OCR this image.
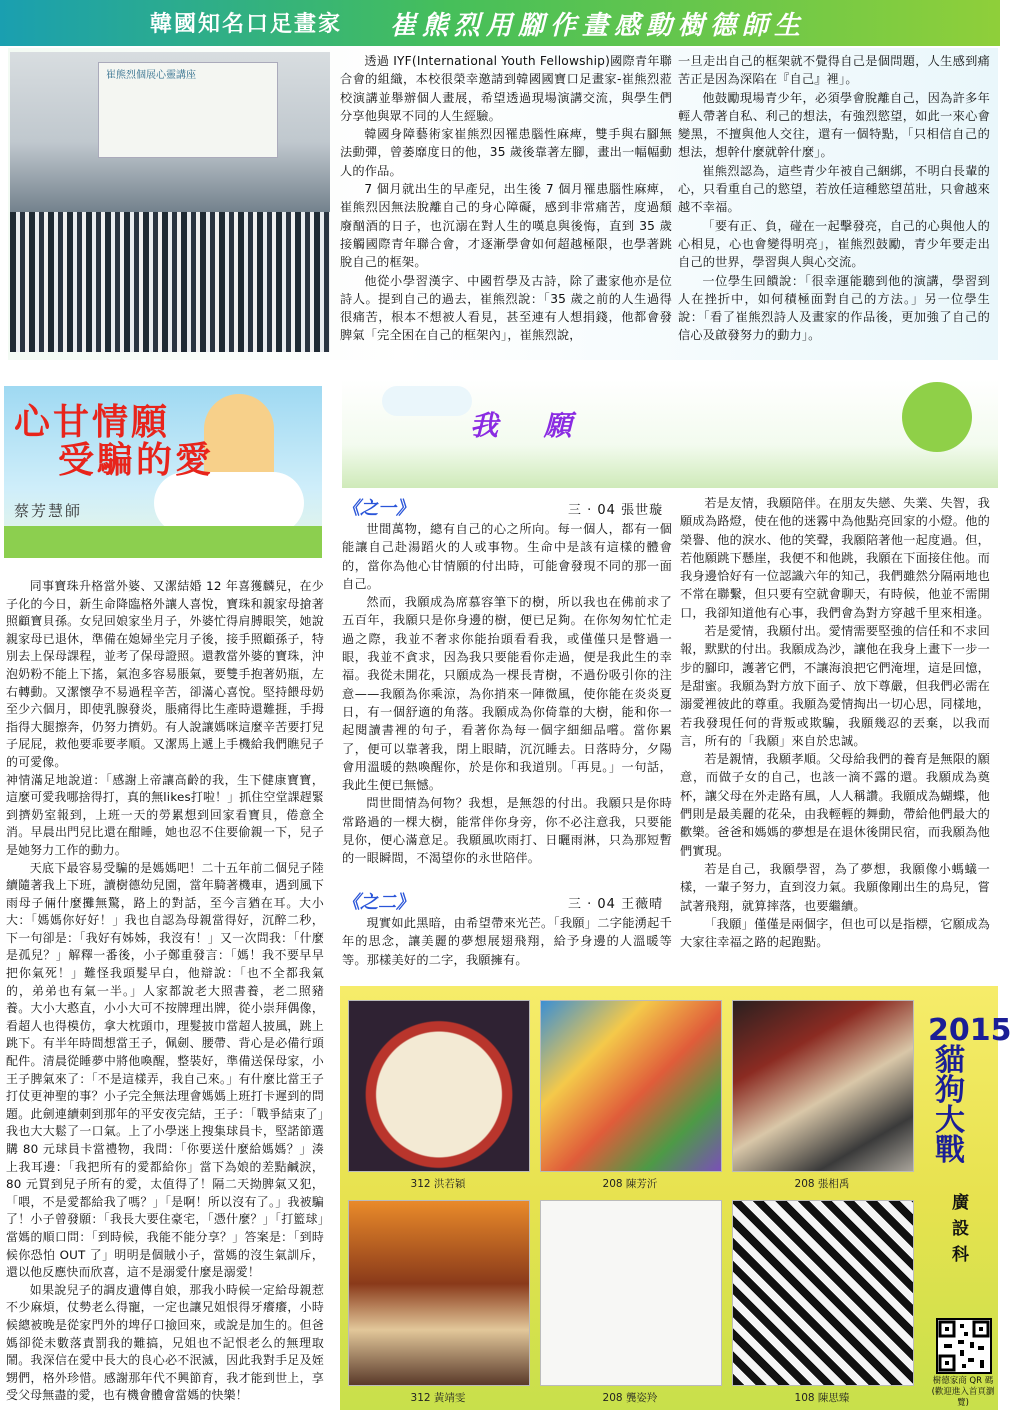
韓國知名口足畫家 崔熊烈用腳作畫感動樹德師生
崔熊烈個展心靈講座

透過 IYF(International Youth Fellowship)國際青年聯合會的組織，本校很榮幸邀請到韓國國寶口足畫家-崔熊烈蒞校演講並舉辦個人畫展，希望透過現場演講交流，與學生們分享他與眾不同的人生經驗。

韓國身障藝術家崔熊烈因罹患腦性麻痺，雙手與右腳無法動彈，曾萎靡度日的他，35 歲後靠著左腳，畫出一幅幅動人的作品。

7 個月就出生的早產兒，出生後 7 個月罹患腦性麻痺，崔熊烈因無法脫離自己的身心障礙，感到非常痛苦，度過頹廢酗酒的日子，也沉溺在對人生的嘆息與後悔，直到 35 歲接觸國際青年聯合會，才逐漸學會如何超越極限，也學著跳脫自己的框架。

他從小學習漢字、中國哲學及古詩，除了畫家他亦是位詩人。提到自己的過去，崔熊烈說：「35 歲之前的人生過得很痛苦，根本不想被人看見，甚至連有人想捐錢，他都會發脾氣「完全困在自己的框架內」，崔熊烈說，

一旦走出自己的框架就不覺得自己是個問題，人生感到痛苦正是因為深陷在『自己』裡」。

他鼓勵現場青少年，必須學會脫離自己，因為許多年輕人帶著自私、利己的想法，有強烈慾望，如此一來心會變黑，不擅與他人交往，還有一個特點，「只相信自己的想法，想幹什麼就幹什麼」。

崔熊烈認為，這些青少年被自己綑綁，不明白長輩的心，只看重自己的慾望，若放任這種慾望茁壯，只會越來越不幸福。

「要有正、負，碰在一起擊發亮，自己的心與他人的心相見，心也會變得明亮」，崔熊烈鼓勵，青少年要走出自己的世界，學習與人與心交流。

一位學生回饋說：「很幸運能聽到他的演講，學習到人在挫折中，如何積極面對自己的方法。」另一位學生說：「看了崔熊烈詩人及畫家的作品後，更加強了自己的信心及啟發努力的動力」。

心甘情願
受騙的愛
蔡芳慧師

同事寶珠升格當外婆、又潔結婚 12 年喜獲麟兒，在少子化的今日，新生命降臨格外讓人喜悅，寶珠和親家母搶著照顧寶貝孫。女兒回娘家坐月子，外婆忙得肩膊眼笑，她說親家母已退休，準備在媳婦坐完月子後，接手照顧孫子，特別去上保母課程，並考了保母證照。還教當外婆的寶珠，沖泡奶粉不能上下搖，氣泡多容易脹氣，要雙手抱著奶瓶，左右轉動。又潔懷孕不易過程辛苦，卻滿心喜悅。堅持餵母奶至少六個月，即使乳腺發炎，脹痛得比生產時還難捱，手拇指得大腿擦奔，仍努力擠奶。有人說讓媽咪這麼辛苦要打兒子屁屁，救他要乖要孝順。又潔馬上遞上手機給我們瞧兒子的可愛像。

神情滿足地說道：「感謝上帝讓高齡的我，生下健康寶寶，這麼可愛我哪捨得打，真的無likes打啦！」抓住空堂課趕緊到擠奶室報到，上班一天的勞累想到回家看寶貝，倦意全消。早晨出門兒比還在酣睡，她也忍不住要偷親一下，兒子是她努力工作的動力。

天底下最容易受騙的是媽媽吧！二十五年前二個兒子陸續隨著我上下班，讀樹德幼兒園，當年騎著機車，遇到風下雨母子倆什麼攤無驚，路上的對話，至今言猶在耳。大小大：「媽媽你好好！」我也自認為母親當得好，沉醉二秒，下一句卻是：「我好有姊姊，我沒有！」又一次問我：「什麼是孤兒？」解釋一番後，小子鄭重發言：「媽！我不要早早把你氣死！」難怪我頭髮早白，他辯說：「也不全都我氣的，弟弟也有氣一半。」人家都說老大照書養，老二照豬養。大小大憨直，小小大可不按牌理出牌，從小崇拜偶像，看超人也得模仿，拿大枕頭巾，理髮披巾當超人披風，跳上跳下。有半年時間想當王子，佩劍、腰帶、背心是必備行頭配件。清晨從睡夢中將他喚醒，整裝好，準備送保母家，小王子脾氣來了：「不是這樣弄，我自己來。」有什麼比當王子打仗更神聖的事？小子完全無法理會媽媽上班打卡遲到的問題。此劍連續刺到那年的平安夜完結，王子：「戰爭結束了」我也大大鬆了一口氣。上了小學迷上搜集球員卡，堅諾節選購 80 元球員卡當禮物，我問：「你要送什麼給媽媽？」湊上我耳邊：「我把所有的愛都給你」當下為娘的差點鹹淚，80 元買到兒子所有的愛，太值得了！隔二天拗脾氣又犯，「喂，不是愛都給我了嗎？」「是啊！所以沒有了。」我被騙了！小子曾發願：「我長大要住豪宅，「憑什麼？」「打籃球」當媽的順口問：「到時候，我能不能分享？」答案是：「到時候你恐怕 OUT 了」明明是個賊小子，當媽的沒生氣訓斥，還以他反應快而欣喜，這不是溺愛什麼是溺愛！

如果說兒子的調皮遺傳自娘，那我小時候一定給母親惹不少麻煩，仗勢老么得寵，一定也讓兄姐恨得牙癢癢，小時候總被晚是從家門外的埤仔口撿回來，或說是加生的。但爸媽卻從未數落責罰我的難搞，兄姐也不記恨老么的無理取鬧。我深信在愛中長大的良心必不泯滅，因此我對手足及姪甥們，格外珍惜。感謝那年代不興節育，我才能到世上，享受父母無盡的愛，也有機會體會當媽的快樂！

我 願
《之一》	三 · 04 張世璇

世間萬物，總有自己的心之所向。每一個人，都有一個能讓自己赴湯蹈火的人或事物。生命中是該有這樣的體會的，當你為他心甘情願的付出時，可能會發現不同的那一面自己。

然而，我願成為席慕容筆下的樹，所以我也在佛前求了五百年，我願只是你身邊的樹，便已足夠。在你匆匆忙忙走過之際，我並不奢求你能抬頭看看我，或僅僅只是瞥過一眼，我並不貪求，因為我只要能看你走過，便是我此生的幸福。我從未開花，只願成為一棵長青樹，不過份吸引你的注意——我願為你乘涼，為你捎來一陣微風，使你能在炎炎夏日，有一個舒適的角落。我願成為你倚靠的大樹，能和你一起閱讀書裡的句子，看著你為每一個字細細品嚐。當你累了，便可以靠著我，閉上眼睛，沉沉睡去。日落時分，夕陽會用溫暖的熱喚醒你，於是你和我道別。「再見。」一句話，我此生便已無憾。

問世間情為何物？我想，是無怨的付出。我願只是你時常路過的一棵大樹，能常伴你身旁，你不必注意我，只要能見你，便心滿意足。我願風吹雨打、日曬雨淋，只為那短暫的一眼瞬間，不渴望你的永世陪伴。

《之二》	三 · 04 王薇晴

現實如此黑暗，由希望帶來光芒。「我願」二字能湧起千年的思念，讓美麗的夢想展翅飛翔，給予身邊的人溫暖等等。那樣美好的二字，我願擁有。

若是友情，我願陪伴。在朋友失戀、失業、失智，我願成為路燈，使在他的迷霧中為他點亮回家的小燈。他的榮譽、他的淚水、他的笑聲，我願陪著他一起度過。但，若他願跳下懸崖，我便不和他跳，我願在下面接住他。而我身邊恰好有一位認識六年的知己，我們雖然分隔兩地也不常在聯繫，但只要有空就會聊天，有時候，他並不需開口，我卻知道他有心事，我們會為對方穿越千里來相逢。

若是愛情，我願付出。愛情需要堅強的信任和不求回報，默默的付出。我願成為沙，讓他在我身上畫下一步一步的腳印，護著它們，不讓海浪把它們淹埋，這是回憶，是甜蜜。我願為對方放下面子、放下尊嚴，但我們必需在溺愛裡彼此的尊重。我願為愛情掏出一切心思，同樣地，若我發現任何的背叛或欺騙，我願幾忍的丟棄，以我而言，所有的「我願」來自於忠誠。

若是親情，我願孝順。父母給我們的養育是無限的願意，而做子女的自己，也該一滴不露的還。我願成為奠杯，讓父母在外走路有風，人人稱讚。我願成為蝴蝶，他們則是最美麗的花朵，由我輕輕的舞動，帶給他們最大的歡樂。爸爸和媽媽的夢想是在退休後開民宿，而我願為他們實現。

若是自己，我願學習，為了夢想，我願像小螞蟻一樣，一輩子努力，直到沒力氣。我願像剛出生的鳥兒，嘗試著飛翔，就算摔落，也要繼續。

「我願」僅僅是兩個字，但也可以是指標，它願成為大家往幸福之路的起跑點。

312 洪若穎	208 陳芳沂	208 張相禹
312 黃靖雯	208 龔姿羚	108 陳思臻
2015貓狗大戰
廣設科
樹德家商 QR 碼 (歡迎進入首頁瀏覽)
